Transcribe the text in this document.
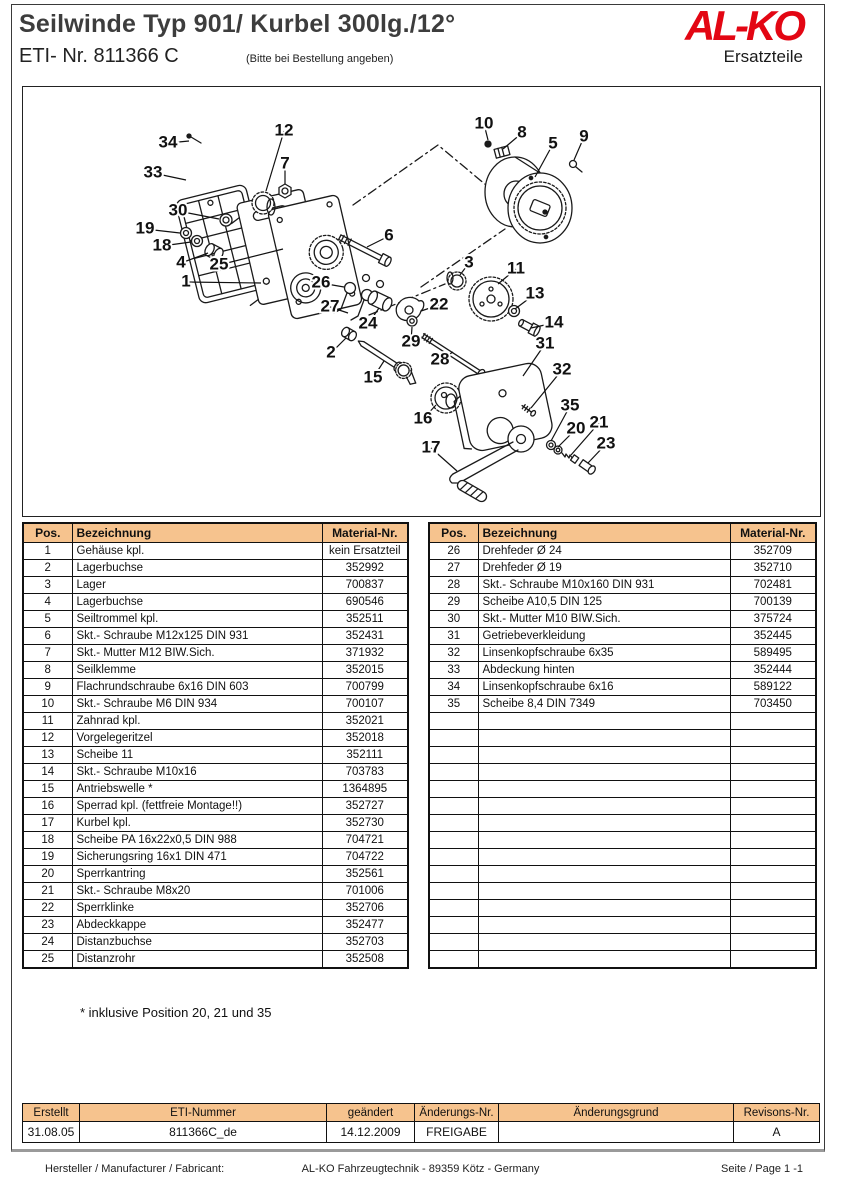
Seilwinde Typ 901/ Kurbel 300lg./12°
ETI- Nr. 811366 C	(Bitte bei Bestellung angeben)
AL-KO
Ersatzteile
34
33
12
7
30
19
18
4 25
1
10 8
5 9
6
3 11
13
14
26
27
24
22
29
28
2
15
31
32
16
35
20 21
23
17
Pos.	Bezeichnung	Material-Nr.
1	Gehäuse kpl.	kein Ersatzteil
2	Lagerbuchse	352992
3	Lager	700837
4	Lagerbuchse	690546
5	Seiltrommel kpl.	352511
6	Skt.- Schraube M12x125 DIN 931	352431
7	Skt.- Mutter M12 BIW.Sich.	371932
8	Seilklemme	352015
9	Flachrundschraube 6x16 DIN 603	700799
10	Skt.- Schraube M6 DIN 934	700107
11	Zahnrad kpl.	352021
12	Vorgelegeritzel	352018
13	Scheibe 11	352111
14	Skt.- Schraube M10x16	703783
15	Antriebswelle *	1364895
16	Sperrad kpl. (fettfreie Montage!!)	352727
17	Kurbel kpl.	352730
18	Scheibe PA 16x22x0,5 DIN 988	704721
19	Sicherungsring 16x1 DIN 471	704722
20	Sperrkantring	352561
21	Skt.- Schraube M8x20	701006
22	Sperrklinke	352706
23	Abdeckkappe	352477
24	Distanzbuchse	352703
25	Distanzrohr	352508
Pos.	Bezeichnung	Material-Nr.
26	Drehfeder Ø 24	352709
27	Drehfeder Ø 19	352710
28	Skt.- Schraube M10x160 DIN 931	702481
29	Scheibe A10,5 DIN 125	700139
30	Skt.- Mutter M10 BIW.Sich.	375724
31	Getriebeverkleidung	352445
32	Linsenkopfschraube 6x35	589495
33	Abdeckung hinten	352444
34	Linsenkopfschraube 6x16	589122
35	Scheibe 8,4 DIN 7349	703450

* inklusive Position 20, 21 und 35
Erstellt	ETI-Nummer	geändert	Änderungs-Nr.	Änderungsgrund	Revisons-Nr.
31.08.05	811366C_de	14.12.2009	FREIGABE		A
AL-KO Fahrzeugtechnik - 89359 Kötz - Germany
Hersteller / Manufacturer / Fabricant:	Seite / Page 1 -1
